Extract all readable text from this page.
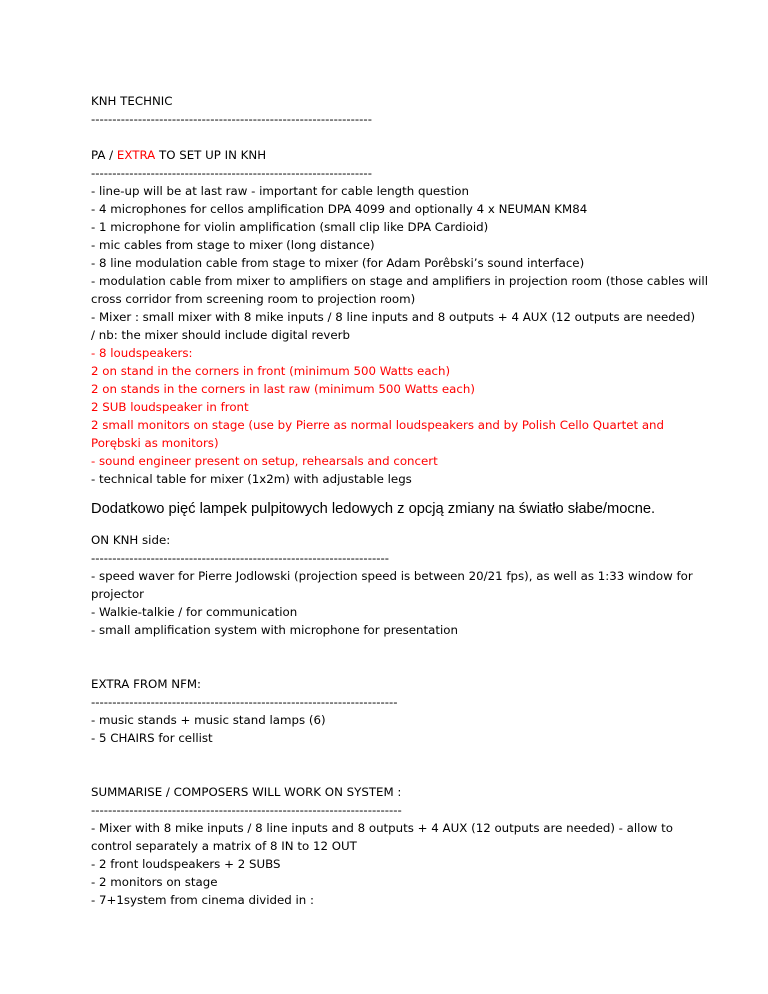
KNH TECHNIC
------------------------------------------------------------------
PA / EXTRA TO SET UP IN KNH
------------------------------------------------------------------
- line-up will be at last raw - important for cable length question
- 4 microphones for cellos amplification DPA 4099 and optionally 4 x NEUMAN KM84
- 1 microphone for violin amplification (small clip like DPA Cardioid)
- mic cables from stage to mixer (long distance)
- 8 line modulation cable from stage to mixer (for Adam Porêbski’s sound interface)
- modulation cable from mixer to amplifiers on stage and amplifiers in projection room (those cables will cross corridor from screening room to projection room)
- Mixer : small mixer with 8 mike inputs / 8 line inputs and 8 outputs + 4 AUX (12 outputs are needed)
/ nb: the mixer should include digital reverb
- 8 loudspeakers:
2 on stand in the corners in front (minimum 500 Watts each)
2 on stands in the corners in last raw (minimum 500 Watts each)
2 SUB loudspeaker in front
2 small monitors on stage (use by Pierre as normal loudspeakers and by Polish Cello Quartet and Porębski as monitors)
- sound engineer present on setup, rehearsals and concert
- technical table for mixer (1x2m) with adjustable legs
Dodatkowo pięć lampek pulpitowych ledowych z opcją zmiany na światło słabe/mocne.
ON KNH side:
----------------------------------------------------------------------
- speed waver for Pierre Jodlowski (projection speed is between 20/21 fps), as well as 1:33 window for projector
- Walkie-talkie / for communication
- small amplification system with microphone for presentation
EXTRA FROM NFM:
------------------------------------------------------------------------
- music stands + music stand lamps (6)
- 5 CHAIRS for cellist
SUMMARISE / COMPOSERS WILL WORK ON SYSTEM :
-------------------------------------------------------------------------
- Mixer with 8 mike inputs / 8 line inputs and 8 outputs + 4 AUX (12 outputs are needed) - allow to control separately a matrix of 8 IN to 12 OUT
- 2 front loudspeakers + 2 SUBS
- 2 monitors on stage
- 7+1system from cinema divided in :
